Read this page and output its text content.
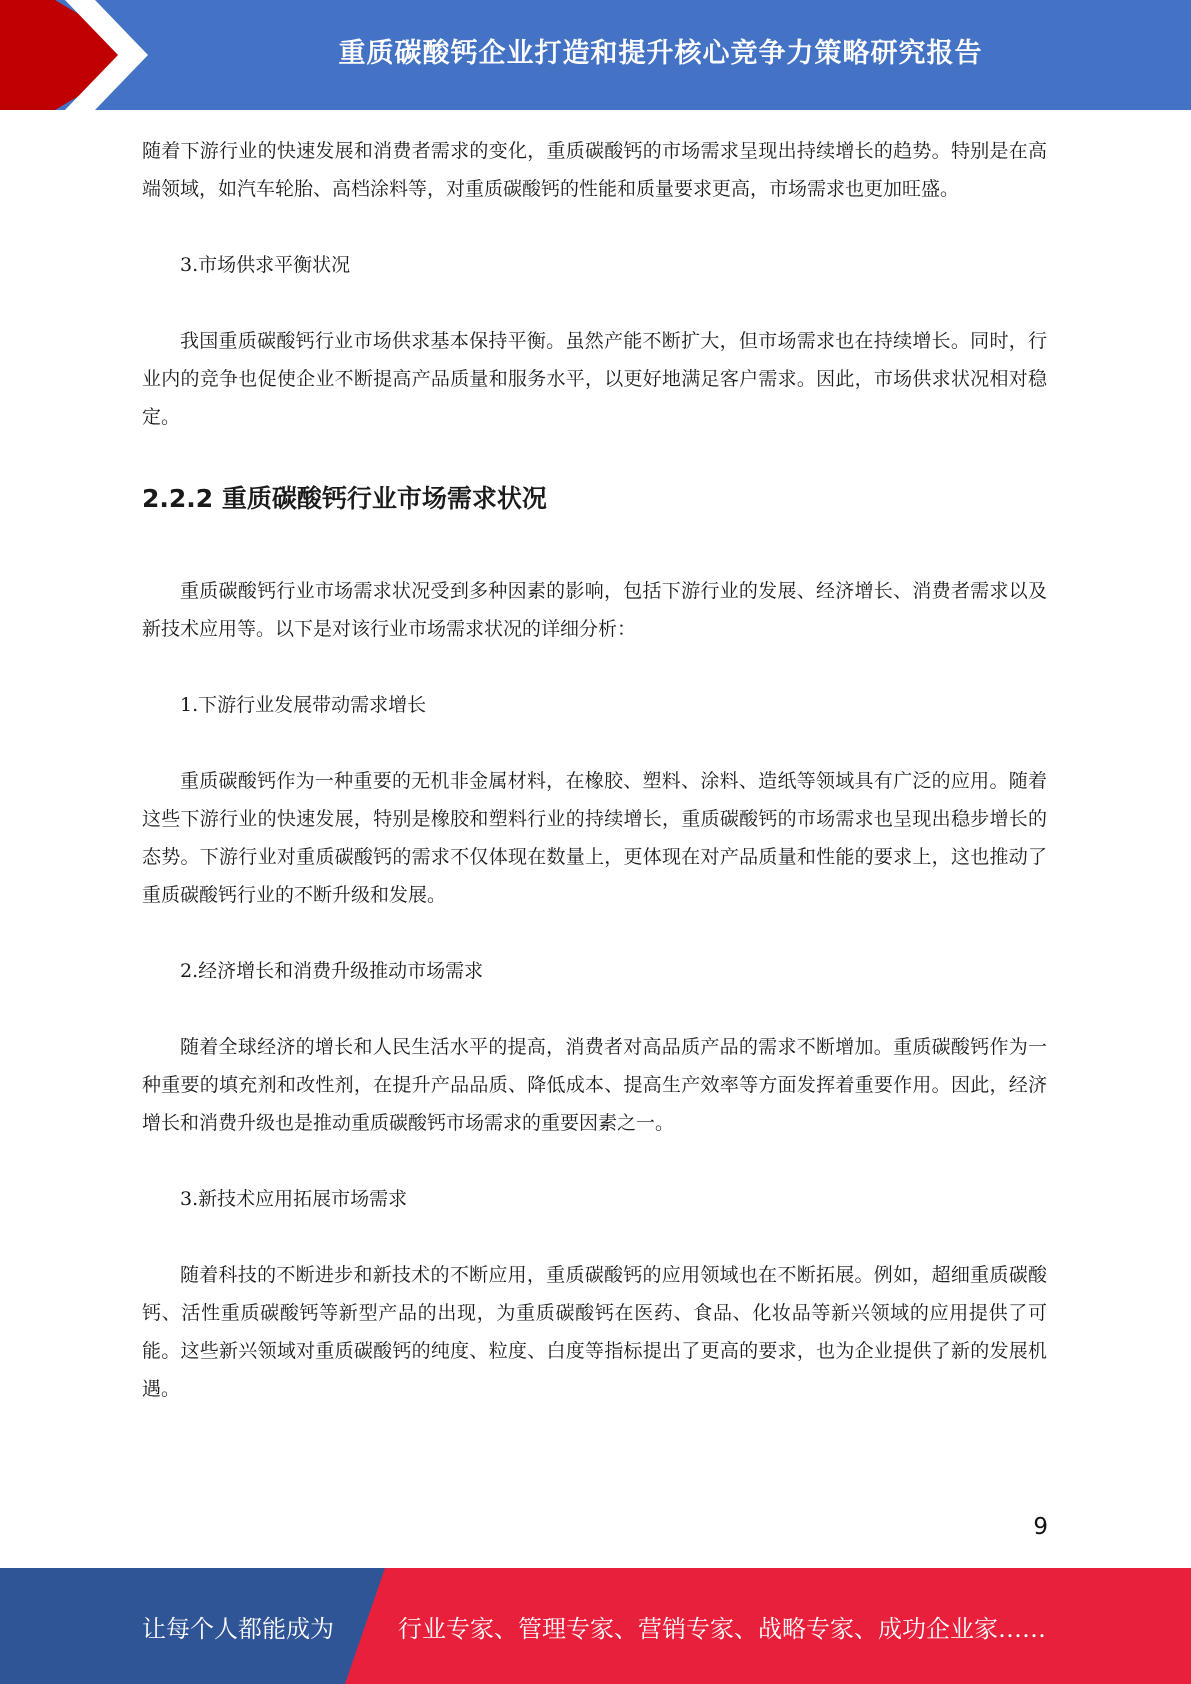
重质碳酸钙企业打造和提升核心竞争力策略研究报告

随着下游行业的快速发展和消费者需求的变化，重质碳酸钙的市场需求呈现出持续增长的趋势。特别是在高端领域，如汽车轮胎、高档涂料等，对重质碳酸钙的性能和质量要求更高，市场需求也更加旺盛。

3.市场供求平衡状况

我国重质碳酸钙行业市场供求基本保持平衡。虽然产能不断扩大，但市场需求也在持续增长。同时，行业内的竞争也促使企业不断提高产品质量和服务水平，以更好地满足客户需求。因此，市场供求状况相对稳定。

2.2.2 重质碳酸钙行业市场需求状况

重质碳酸钙行业市场需求状况受到多种因素的影响，包括下游行业的发展、经济增长、消费者需求以及新技术应用等。以下是对该行业市场需求状况的详细分析：

1.下游行业发展带动需求增长

重质碳酸钙作为一种重要的无机非金属材料，在橡胶、塑料、涂料、造纸等领域具有广泛的应用。随着这些下游行业的快速发展，特别是橡胶和塑料行业的持续增长，重质碳酸钙的市场需求也呈现出稳步增长的态势。下游行业对重质碳酸钙的需求不仅体现在数量上，更体现在对产品质量和性能的要求上，这也推动了重质碳酸钙行业的不断升级和发展。

2.经济增长和消费升级推动市场需求

随着全球经济的增长和人民生活水平的提高，消费者对高品质产品的需求不断增加。重质碳酸钙作为一种重要的填充剂和改性剂，在提升产品品质、降低成本、提高生产效率等方面发挥着重要作用。因此，经济增长和消费升级也是推动重质碳酸钙市场需求的重要因素之一。

3.新技术应用拓展市场需求

随着科技的不断进步和新技术的不断应用，重质碳酸钙的应用领域也在不断拓展。例如，超细重质碳酸钙、活性重质碳酸钙等新型产品的出现，为重质碳酸钙在医药、食品、化妆品等新兴领域的应用提供了可能。这些新兴领域对重质碳酸钙的纯度、粒度、白度等指标提出了更高的要求，也为企业提供了新的发展机遇。

9
让每个人都能成为	行业专家、管理专家、营销专家、战略专家、成功企业家……
